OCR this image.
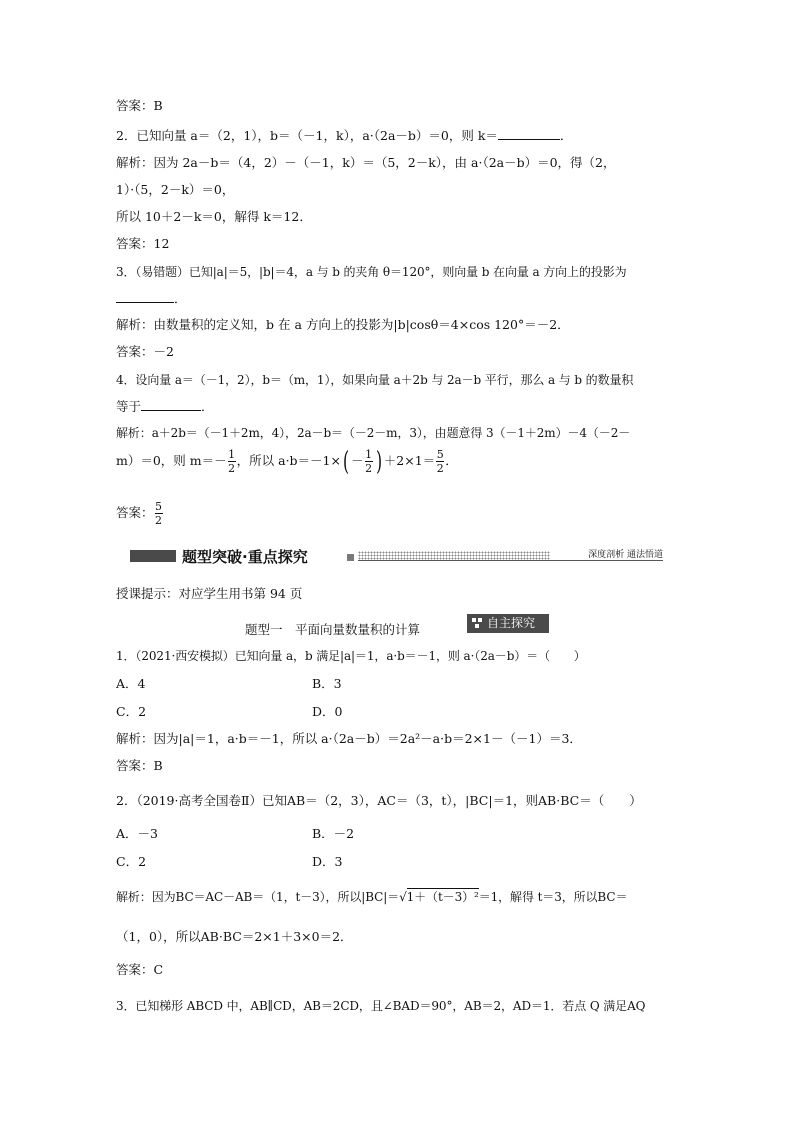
答案：B
2．已知向量 a＝（2，1），b＝（－1，k），a·（2a－b）＝0，则 k＝	．
解析：因为 2a－b＝（4，2）－（－1，k）＝（5，2－k），由 a·（2a－b）＝0，得（2，
1）·（5，2－k）＝0，
所以 10＋2－k＝0，解得 k＝12．
答案：12
3．（易错题）已知|a|＝5，|b|＝4，a 与 b 的夹角 θ＝120°，则向量 b 在向量 a 方向上的投影为
．
解析：由数量积的定义知，b 在 a 方向上的投影为|b|cosθ＝4×cos 120°＝－2．
答案：－2
4．设向量 a＝（－1，2），b＝（m，1），如果向量 a＋2b 与 2a－b 平行，那么 a 与 b 的数量积
等于	．
解析：a＋2b＝（－1＋2m，4），2a－b＝（－2－m，3），由题意得 3（－1＋2m）－4（－2－
m）＝0，则 $m=- \frac{1}{2}$ ，所以 $a\cdot b=-1\times( - \frac{1}{2}$ ) $+2\times 1= \frac{5}{2}$ ．
答案： $\frac{5}{2}$
题型突破·重点探究	深度剖析 通法悟道
授课提示：对应学生用书第 94 页
题型一　平面向量数量积的计算	自主探究
1．（2021·西安模拟）已知向量 a，b 满足|a|＝1，a·b＝－1，则 a·（2a－b）＝（　　）
A．4	B．3
C．2	D．0
解析：因为|a|＝1，a·b＝－1，所以 a·（2a－b）＝2a²－a·b＝2×1－（－1）＝3．
答案：B
2．（2019·高考全国卷Ⅱ）已知AB＝（2，3），AC＝（3，t），|BC|＝1，则AB·BC＝（　　）
A．－3	B．－2
C．2	D．3
解析：因为BC＝AC－AB＝（1，t－3），所以|BC|＝√1＋（t－3）²＝1，解得 t＝3，所以BC＝
（1，0），所以AB·BC＝2×1＋3×0＝2．
答案：C
3．已知梯形 ABCD 中，AB∥CD，AB＝2CD，且∠BAD＝90°，AB＝2，AD＝1．若点 Q 满足AQ
